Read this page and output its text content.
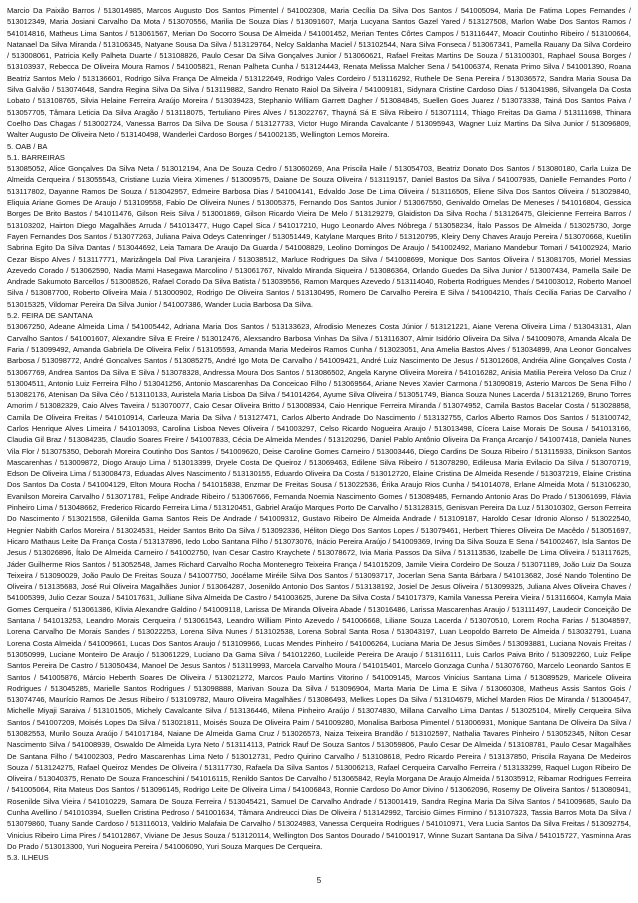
Marcio Da Paixão Barros / 513014985, Marcos Augusto Dos Santos Pimentel / 541002308, Maria Cecília Da Silva Dos Santos / 541005094, Maria De Fatima Lopes Fernandes / 513012349, Maria Josiani Carvalho Da Mota / 513070556, Marilia De Souza Dias / 513091607, Marja Lucyana Santos Gazel Yared / 513127508, Marlon Wabe Dos Santos Ramos / 541014816, Matheus Lima Santos / 513061567, Merian Do Socorro Sousa De Almeida / 541001452, Merian Tentes Côrtes Campos / 513116447, Moacir Coutinho Ribeiro / 513100664, Natanael Da Silva Miranda / 513106345, Natyane Sousa Da Silva / 513129764, Nelcy Saldanha Maciel / 513102544, Nara Silva Fonseca / 513067341, Pamella Rauany Da Silva Cordeiro / 513008061, Patricia Kelly Palheta Duarte / 513108826, Paulo Cesar Da Silva Gonçalves Junior / 513060621, Rafael Freitas Martins De Souza / 513100301, Raphael Sousa Borges / 513103937, Rebecca De Oliveira Moura Ramos / 541005821, Renan Palheta Cunha / 513124443, Renata Melissa Malcher Sena / 541006374, Renata Primo Silva / 541001390, Roana Beatriz Santos Melo / 513136601, Rodrigo Silva França De Almeida / 513122649, Rodrigo Vales Cordeiro / 513116292, Ruthele De Sena Pereira / 513036572, Sandra Maria Sousa Da Silva Galvão / 513074648, Sandra Regina Silva Da Silva / 513119882, Sandro Renato Raiol Da Silveira / 541009181, Sidynara Cristine Cardoso Dias / 513041986, Silvangela Da Costa Lobato / 513108765, Silvia Helaine Ferreira Araújo Moreira / 513039423, Stephanio William Garrett Dagher / 513084845, Suellen Goes Juarez / 513073338, Tainá Dos Santos Paiva / 513057705, Tâmara Leticia Da Silva Aragão / 513118075, Tertuliano Pires Alves / 513022767, Thayná Sá E Silva Ribeiro / 513071114, Thiago Freitas Da Gama / 513111698, Thinara Coelho Das Chagas / 513002724, Vanessa Barros Da Silva De Sousa / 513127733, Victor Hugo Miranda Cavalcante / 513095943, Wagner Luiz Martins Da Silva Junior / 513096809, Walter Augusto De Oliveira Neto / 513140498, Wanderlei Cardoso Borges / 541002135, Wellington Lemos Moreira.

5. OAB / BA

5.1. BARREIRAS

513085052, Alice Gonçalves Da Silva Neta / 513012194, Ana De Souza Cedro / 513060269, Ana Priscila Haile / 513054703, Beatriz Donato Dos Santos / 513080180, Carla Luiza De Almeida Cerqueira / 513055543, Cristiane Luzia Vieira Ximenes / 513009575, Daiane De Souza Oliveira / 513119157, Daniel Bastos Da Silva / 541007935, Danielle Fernandes Porto / 513117802, Dayanne Ramos De Souza / 513042957, Edmeire Barbosa Dias / 541004141, Edvaldo Jose De Lima Oliveira / 513116505, Eliene Silva Dos Santos Oliveira / 513029840, Eliquia Ariane Gomes De Araujo / 513109558, Fabio De Oliveira Nunes / 513005375, Fernando Dos Santos Junior / 513067550, Genivaldo Ornelas De Meneses / 541016804, Gessica Borges De Brito Bastos / 541011476, Gilson Reis Silva / 513001869, Gilson Ricardo Vieira De Melo / 513129279, Glaidiston Da Silva Rocha / 513126475, Gleicienne Ferreira Barros / 513103202, Hairton Diego Magalhães Arruda / 541013477, Hugo Capel Sica / 541017210, Hugo Leonardo Alves Nóbrega / 513058234, Ítalo Passos De Almeida / 513025730, Jorge Fayen Fernandes Dos Santos / 513077263, Juliana Paiva Odeys Catenringer / 513051449, Katylane Marques Brito / 513120795, Kleiry Deny Chaves Araujo Pereira / 513070668, Kuetilin Sabrina Egito Da Silva Dantas / 513044692, Leia Tamara De Araujo Da Guarda / 541008829, Leolino Domingos De Araujo / 541002492, Mariano Mandebur Tomari / 541002924, Mario Cezar Bispo Alves / 513117771, Marizângela Dal Piva Laranjeira / 513038512, Marluce Rodrigues Da Silva / 541008699, Monique Dos Santos Oliveira / 513081705, Moriel Messias Azevedo Corado / 513062590, Nadia Mami Hasegawa Marcolino / 513061767, Nivaldo Miranda Siqueira / 513086364, Orlando Guedes Da Silva Junior / 513007434, Pamella Saile De Andrade Sakumoto Barcellos / 513008526, Rafael Corado Da Silva Batista / 513039556, Ramon Marques Azevedo / 513114040, Roberta Rodrigues Mendes / 541003012, Roberto Manoel Silva / 513087700, Roberto Oliveira Maia / 513000902, Rodrigo De Oliveira Santos / 513130495, Romero De Carvalho Pereira E Silva / 541004210, Thaís Cecilia Farias De Carvalho / 513015325, Vildomar Pereira Da Silva Junior / 541007386, Wander Lucia Barbosa Da Silva.

5.2. FEIRA DE SANTANA

513067250, Adeane Almeida Lima / 541005442, Adriana Maria Dos Santos / 513133623, Afrodisio Menezes Costa Júnior / 513121221, Aiane Verena Oliveira Lima / 513043131, Alan Carvalho Santos / 541001607, Alexandre Silva E Freire / 513012476, Alexsandro Barbosa Vinhas Da Silva / 513116307, Almir Isidório Oliveira Da Silva / 541009078, Amanda Alcala De Faria / 513099492, Amanda Gabriela De Oliveira Felix / 513105593, Amanda Maria Medeiros Ramos Cunha / 513023051, Ana Amelia Bastos Alves / 513034899, Ana Leonor Goncalves Barbosa / 513098772, André Goncalves Santos / 513085275, André Igo Mota De Carvalho / 541009421, André Luiz Nascimento De Jesus / 513012608, Andréia Aline Gonçalves Costa / 513067769, Andrea Santos Da Silva E Silva / 513078328, Andressa Moura Dos Santos / 513086502, Angela Karyne Oliveira Moreira / 541016282, Anisia Matilia Pereira Veloso Da Cruz / 513004511, Antonio Luiz Ferreira Filho / 513041256, Antonio Mascarenhas Da Conceicao Filho / 513069564, Ariane Neves Xavier Carmona / 513090819, Asterio Marcos De Sena Filho / 513082176, Atenisan Da Silva Céo / 513110133, Auristela Maria Lisboa Da Silva / 541014264, Ayume Silva Oliveira / 513051749, Bianca Souza Nunes Lacerda / 513121269, Bruno Torres Amorim / 513082329, Caio Alves Taveira / 513070077, Caio Cesar Oliveira Britto / 513008934, Caio Henrique Ferreira Miranda / 513074952, Camila Bastos Bacelar Costa / 513028858, Camila De Oliveira Freitas / 541010914, Carleuza Maria Da Silva / 513127471, Carlos Alberto Andrade Do Nascimento / 513132755, Carlos Alberto Ramos Dos Santos / 513100742, Carlos Henrique Alves Limeira / 541013093, Carolina Lisboa Neves Oliveira / 541003297, Celso Ricardo Nogueira Araujo / 513013498, Cícera Laise Morais De Sousa / 541013166, Claudia Gil Braz / 513084235, Claudio Soares Freire / 541007833, Cécia De Almeida Mendes / 513120296, Daniel Pablo Antônio Oliveira Da França Arcanjo / 541007418, Daniela Nunes Vila Flor / 513075350, Deborah Moreira Coutinho Dos Santos / 541009620, Deise Caroline Gomes Carneiro / 513003446, Diego Cardins De Souza Ribeiro / 513115933, Dinikson Santos Mascarenhas / 513009872, Diogo Araujo Lima / 513013399, Dryele Costa De Queiroz / 513069463, Edilene Silva Ribeiro / 513078290, Edileusa Maria Evilacio Da Silva / 513070719, Edson De Oliveira Lima / 513008473, Eduadas Alves Nascimento / 513130155, Eduardo Oliveira Da Costa / 513012720, Elaine Cristina De Almeida Resende / 513037219, Elaine Cristina Dos Santos Da Costa / 541004129, Elton Moura Rocha / 541015838, Enzmar De Freitas Sousa / 513022536, Érika Araujo Rios Cunha / 541014078, Erlane Almeida Mota / 513106230, Evanilson Moreira Carvalho / 513071781, Felipe Andrade Ribeiro / 513067666, Fernanda Noemia Nascimento Gomes / 513089485, Fernando Antonio Aras Do Prado / 513061699, Flávia Pinheiro Lima / 513048662, Frederico Ricardo Ferreira Lima / 513120451, Gabriel Araújo Marques Porto De Carvalho / 513128315, Genisvan Pereira Da Luz / 513010302, Gerson Ferreira Do Nascimento / 513021558, Gilenilda Gama Santos Reis De Andrade / 541009312, Gustavo Ribeiro De Almeida Andrade / 513109187, Haroldo Cesar Idronio Alonso / 513022540, Hegnier Nabith Carlos Moreira / 513024531, Heider Santos Brito Da Silva / 513092336, Héliton Diego Dos Santos Lopes / 513079461, Herbert Thieres Oliveira De Macêdo / 513051697, Hicaro Mathaus Leite Da França Costa / 513137896, Iedo Lobo Santana Filho / 513073076, Inácio Pereira Araújo / 541009369, Irving Da Silva Souza E Sena / 541002467, Isla Santos De Jesus / 513026896, Ítalo De Almeida Carneiro / 541002750, Ivan Cesar Castro Kraychete / 513078672, Ivia Maria Passos Da Silva / 513113536, Izabelle De Lima Oliveira / 513117625, Jáder Guilherme Rios Santos / 513052548, James Richard Carvalho Rocha Montenegro Teixeira França / 541015209, Jamile Vieira Cordeiro De Souza / 513071189, João Luiz Da Souza Teixeira / 513090029, João Paulo De Freitas Souza / 541007750, Jocélame Miréile Silva Dos Santos / 513093717, Jocerlan Sena Santa Bárbara / 541013682, José Nando Tolentino De Oliveira / 513135683, José Rui Oliveira Magalhães Junior / 513064287, Josenildo Antonio Dos Santos / 513138192, Josiel De Jesus Oliveira / 513099325, Juliana Alves Oliveira Chaves / 541005399, Julio Cezar Souza / 541017631, Julliane Silva Almeida De Castro / 541003625, Jurene Da Silva Costa / 541017379, Kamila Vanessa Pereira Vieira / 513116604, Kamyla Maia Gomes Cerqueira / 513061386, Klivia Alexandre Galdino / 541009118, Larissa De Miranda Oliveira Abade / 513016486, Larissa Mascarenhas Araujo / 513111497, Laudecir Conceição De Santana / 541013253, Leandro Morais Cerqueira / 513061543, Leandro William Pinto Azevedo / 541006668, Liliane Souza Lacerda / 513070510, Lorem Rocha Farias / 513048597, Lorena Carvalho De Morais Sandes / 513022253, Lorena Silva Nunes / 513102538, Lorena Sobral Santa Rosa / 513043197, Luan Leopoldo Barreto De Almeida / 513032791, Luana Lorena Costa Almeida / 541009661, Lucas Dos Santos Araujo / 513109966, Lucas Mendes Pinheiro / 541006264, Luciana Maria De Jesus Simões / 513093881, Luciana Novais Freitas / 513050999, Luciane Monteiro De Araujo / 513061229, Luciano Da Gama Silva / 541012260, Lucileide Pereira De Araujo / 513116111, Luis Carlos Paiva Brito / 513092260, Luiz Felipe Santos Pereira De Castro / 513050434, Manoel De Jesus Santos / 513119993, Marcela Carvalho Moura / 541015401, Marcelo Gonzaga Cunha / 513076760, Marcelo Leonardo Santos E Santos / 541005876, Márcio Heberth Soares De Oliveira / 513021272, Marcos Paulo Martins Vitorino / 541009145, Marcos Vinicius Santana Lima / 513089529, Maricele Oliveira Rodrigues / 513045285, Marielle Santos Rodrigues / 513098888, Marivan Souza Da Silva / 513096904, Marta Maria De Lima E Silva / 513060308, Matheus Assis Santos Gois / 513074746, Maurício Ramos De Jesus Ribeiro / 513109782, Mauro Oliveira Magalhães / 513086493, Melkes Lopes Da Silva / 513104679, Michel Marden Rios De Miranda / 513004547, Michelle Miyaji Saraiva / 513101505, Michely Cavalcante Silva / 513136446, Milena Pinheiro Araújo / 513074830, Millana Carvalho Lima Dantas / 513025104, Mirelly Cerqueira Silva Santos / 541007209, Moisés Lopes Da Silva / 513021811, Moisés Souza De Oliveira Paim / 541009280, Monalisa Barbosa Pimentel / 513006931, Monique Santana De Oliveira Da Silva / 513082553, Murilo Souza Araújo / 541017184, Naiane De Almeida Gama Cruz / 513026573, Naiza Teixeira Brandão / 513102597, Nathalia Tavares Pinheiro / 513052345, Nilton Cesar Nascimento Silva / 541008939, Oswaldo De Almeida Lyra Neto / 513114113, Patrick Rauf De Souza Santos / 513059806, Paulo Cesar De Almeida / 513108781, Paulo Cesar Magalhães De Santana Filho / 541002303, Pedro Mascarenhas Lima Neto / 513012731, Pedro Quirino Carvalho / 513108618, Pedro Ricardo Pereira / 513137850, Priscila Rayana De Medeiros Souza / 513124275, Rafael Queiroz Mendes De Oliveira / 513117730, Rafaela Da Silva Santos / 513006213, Rafael Cerqueira Carvalho Ferreira / 513133299, Raquel Lugon Ribeiro De Oliveira / 513040375, Renato De Souza Franceschini / 541016115, Renildo Santos De Carvalho / 513065842, Reyla Morgana De Araujo Almeida / 513035912, Ribamar Rodrigues Ferreira / 541005064, Rita Mateus Dos Santos / 513096145, Rodrigo Leite De Oliveira Lima / 541006843, Ronnie Cardoso Do Amor Divino / 513062096, Rosemy De Oliveira Santos / 513080941, Rosenilde Silva Vieira / 541010229, Samara De Souza Ferreira / 513045421, Samuel De Carvalho Andrade / 513001419, Sandra Regina Maria Da Silva Santos / 541009685, Saulo Da Cunha Avellino / 541010394, Suellen Cristina Pedroso / 541001634, Tâmara Andreucci Dias De Oliveira / 513142992, Tarcisio Gimes Firmino / 513107323, Tassia Barros Mota Da Silva / 513079860, Tuany Sande Cardoso / 513116013, Valdirio Malafaia De Carvalho / 513024983, Vanessa Cerqueira Rodrigues / 541010971, Vera Lucia Santos Da Silva Freitas / 513092754, Vinicius Ribeiro Lima Pires / 541012867, Viviane De Jesus Souza / 513120114, Wellington Dos Santos Dourado / 541001917, Winne Suzart Santana Da Silva / 541015727, Yasminna Aras Do Prado / 513013300, Yuri Nogueira Pereira / 541006090, Yuri Souza Marques De Cerqueira.

5.3. ILHEUS

5
